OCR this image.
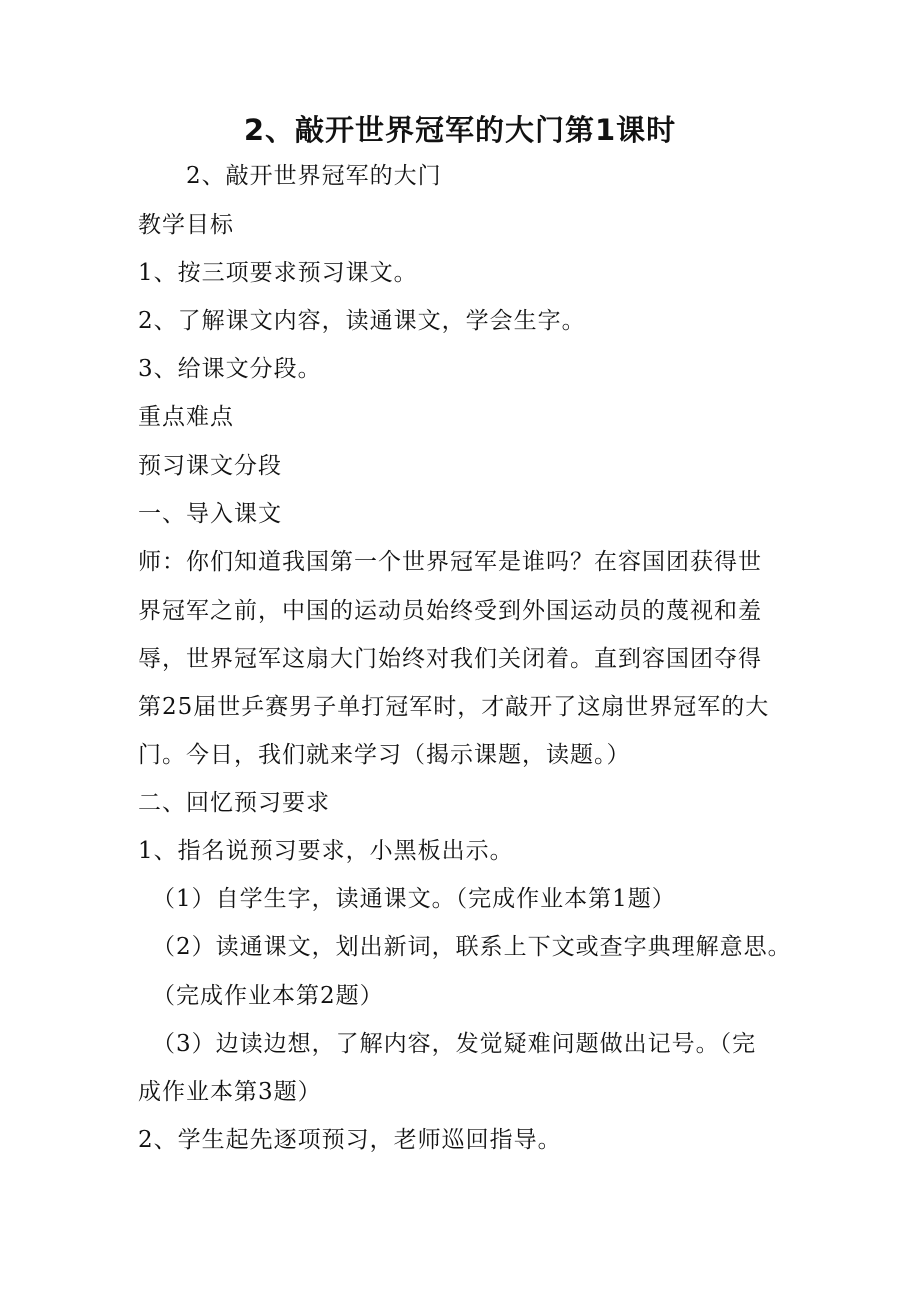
2、敲开世界冠军的大门第1课时
2、敲开世界冠军的大门
教学目标
1、按三项要求预习课文。
2、了解课文内容，读通课文，学会生字。
3、给课文分段。
重点难点
预习课文分段
一、导入课文
师：你们知道我国第一个世界冠军是谁吗？在容国团获得世
界冠军之前，中国的运动员始终受到外国运动员的蔑视和羞
辱，世界冠军这扇大门始终对我们关闭着。直到容国团夺得
第25届世乒赛男子单打冠军时，才敲开了这扇世界冠军的大
门。今日，我们就来学习（揭示课题，读题。）
二、回忆预习要求
1、指名说预习要求，小黑板出示。
（1）自学生字，读通课文。（完成作业本第1题）
（2）读通课文，划出新词，联系上下文或查字典理解意思。
（完成作业本第2题）
（3）边读边想，了解内容，发觉疑难问题做出记号。（完
成作业本第3题）
2、学生起先逐项预习，老师巡回指导。
